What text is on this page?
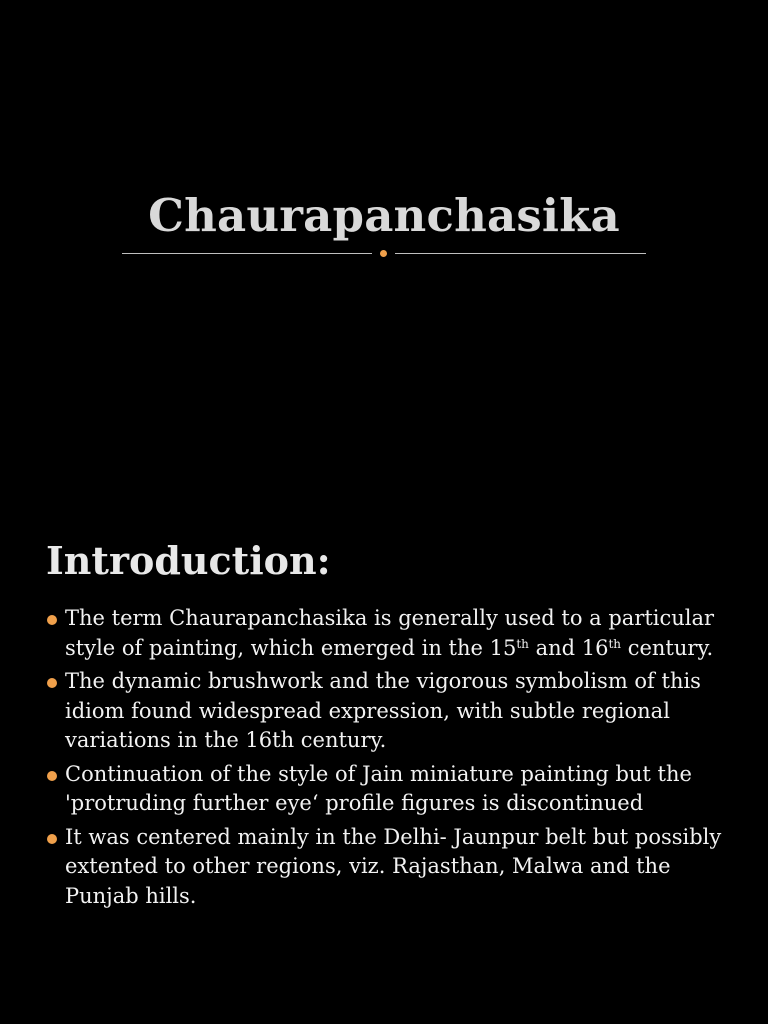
Chaurapanchasika
Introduction:
The term Chaurapanchasika is generally used to a particular style of painting, which emerged in the 15th and 16th century.
The dynamic brushwork and the vigorous symbolism of this idiom found widespread expression, with subtle regional variations in the 16th century.
Continuation of the style of Jain miniature painting but the 'protruding further eye‘ profile figures is discontinued
It was centered mainly in the Delhi- Jaunpur belt but possibly extented to other regions, viz. Rajasthan, Malwa and the Punjab hills.
